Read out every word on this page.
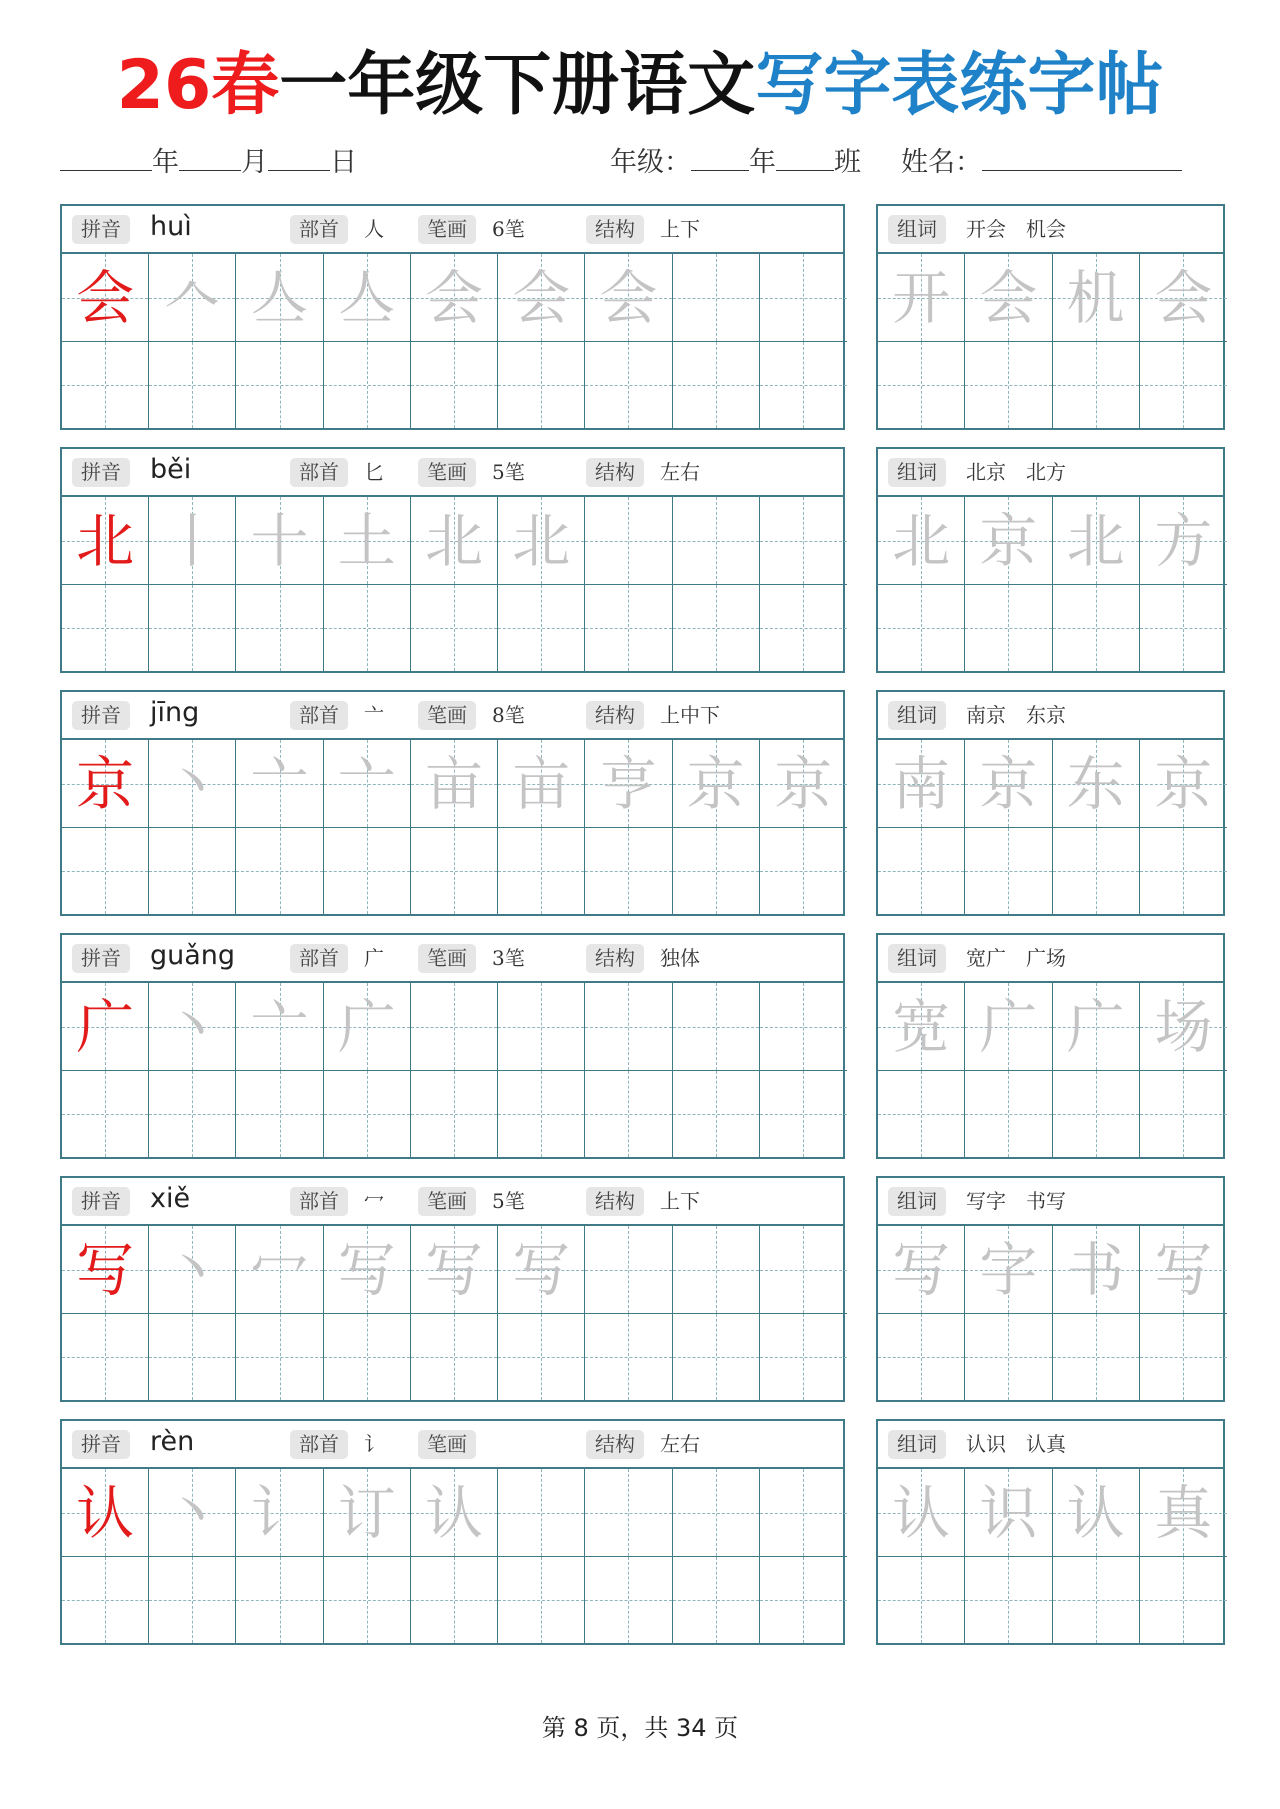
26春一年级下册语文写字表练字帖
年 月 日	年级： 年 班 姓名：
拼音	huì	部首	人	笔画	6笔	结构	上下
会 𠆢 亼 亼 会 会 会
组词	开会　机会
开 会 机 会
拼音	běi	部首	匕	笔画	5笔	结构	左右
北 丨 十 土 北 北
组词	北京　北方
北 京 北 方
拼音	jīng	部首	亠	笔画	8笔	结构	上中下
京 丶 亠 亠 亩 亩 亨 京 京
组词	南京　东京
南 京 东 京
拼音	guǎng	部首	广	笔画	3笔	结构	独体
广 丶 亠 广
组词	宽广　广场
宽 广 广 场
拼音	xiě	部首	冖	笔画	5笔	结构	上下
写 丶 冖 写 写 写
组词	写字　书写
写 字 书 写
拼音	rèn	部首	讠	笔画	结构	左右
认 丶 讠 订 认
组词	认识　认真
认 识 认 真
第 8 页，共 34 页
